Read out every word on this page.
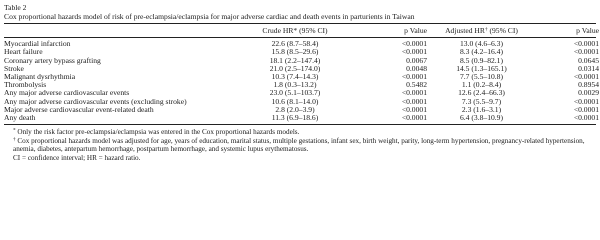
Table 2
Cox proportional hazards model of risk of pre-eclampsia/eclampsia for major adverse cardiac and death events in parturients in Taiwan
	Crude HR* (95% CI)	p Value	Adjusted HR† (95% CI)	p Value

Myocardial infarction	22.6 (8.7–58.4)	<0.0001	13.0 (4.6–6.3)	<0.0001
Heart failure	15.8 (8.5–29.6)	<0.0001	8.3 (4.2–16.4)	<0.0001
Coronary artery bypass grafting	18.1 (2.2–147.4)	0.0067	8.5 (0.9–82.1)	0.0645
Stroke	21.0 (2.5–174.0)	0.0048	14.5 (1.3–165.1)	0.0314
Malignant dysrhythmia	10.3 (7.4–14.3)	<0.0001	7.7 (5.5–10.8)	<0.0001
Thrombolysis	1.8 (0.3–13.2)	0.5482	1.1 (0.2–8.4)	0.8954
Any major adverse cardiovascular events	23.0 (5.1–103.7)	<0.0001	12.6 (2.4–66.3)	0.0029
Any major adverse cardiovascular events (excluding stroke)	10.6 (8.1–14.0)	<0.0001	7.3 (5.5–9.7)	<0.0001
Major adverse cardiovascular event-related death	2.8 (2.0–3.9)	<0.0001	2.3 (1.6–3.1)	<0.0001
Any death	11.3 (6.9–18.6)	<0.0001	6.4 (3.8–10.9)	<0.0001
* Only the risk factor pre-eclampsia/eclampsia was entered in the Cox proportional hazards models.
† Cox proportional hazards model was adjusted for age, years of education, marital status, multiple gestations, infant sex, birth weight, parity, long-term hypertension, pregnancy-related hypertension, anemia, diabetes, antepartum hemorrhage, postpartum hemorrhage, and systemic lupus erythematosus.
CI = confidence interval; HR = hazard ratio.
